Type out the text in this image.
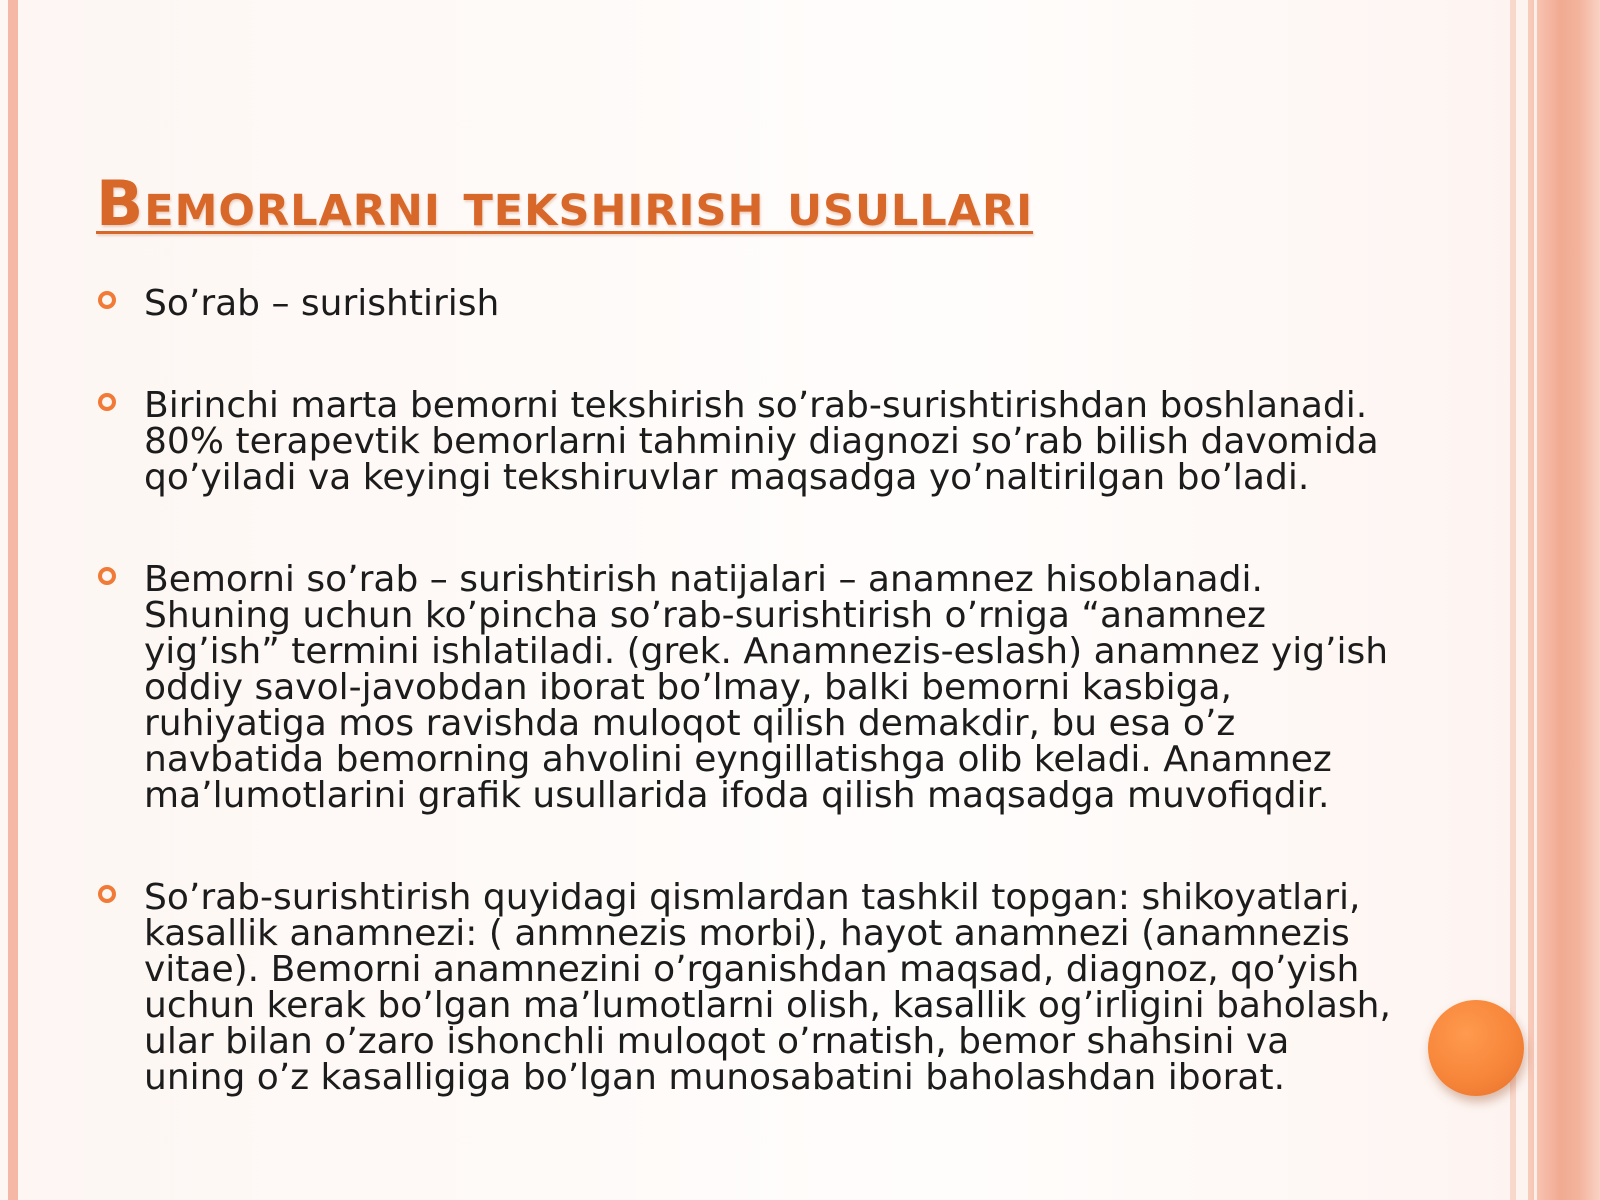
Bemorlarni tekshirish usullari
So’rab – surishtirish
Birinchi marta bemorni tekshirish so’rab-surishtirishdan boshlanadi. 80% terapevtik bemorlarni tahminiy diagnozi so’rab bilish davomida qo’yiladi va keyingi tekshiruvlar maqsadga yo’naltirilgan bo’ladi.
Bemorni so’rab – surishtirish natijalari – anamnez hisoblanadi. Shuning uchun ko’pincha so’rab-surishtirish o’rniga “anamnez yig’ish” termini ishlatiladi. (grek. Anamnezis-eslash) anamnez yig’ish oddiy savol-javobdan iborat bo’lmay, balki bemorni kasbiga, ruhiyatiga mos ravishda muloqot qilish demakdir, bu esa o’z navbatida bemorning ahvolini eyngillatishga olib keladi. Anamnez ma’lumotlarini grafik usullarida ifoda qilish maqsadga muvofiqdir.
So’rab-surishtirish quyidagi qismlardan tashkil topgan: shikoyatlari, kasallik anamnezi: ( anmnezis morbi), hayot anamnezi (anamnezis vitae). Bemorni anamnezini o’rganishdan maqsad, diagnoz, qo’yish uchun kerak bo’lgan ma’lumotlarni olish, kasallik og’irligini baholash, ular bilan o’zaro ishonchli muloqot o’rnatish, bemor shahsini va uning o’z kasalligiga bo’lgan munosabatini baholashdan iborat.
